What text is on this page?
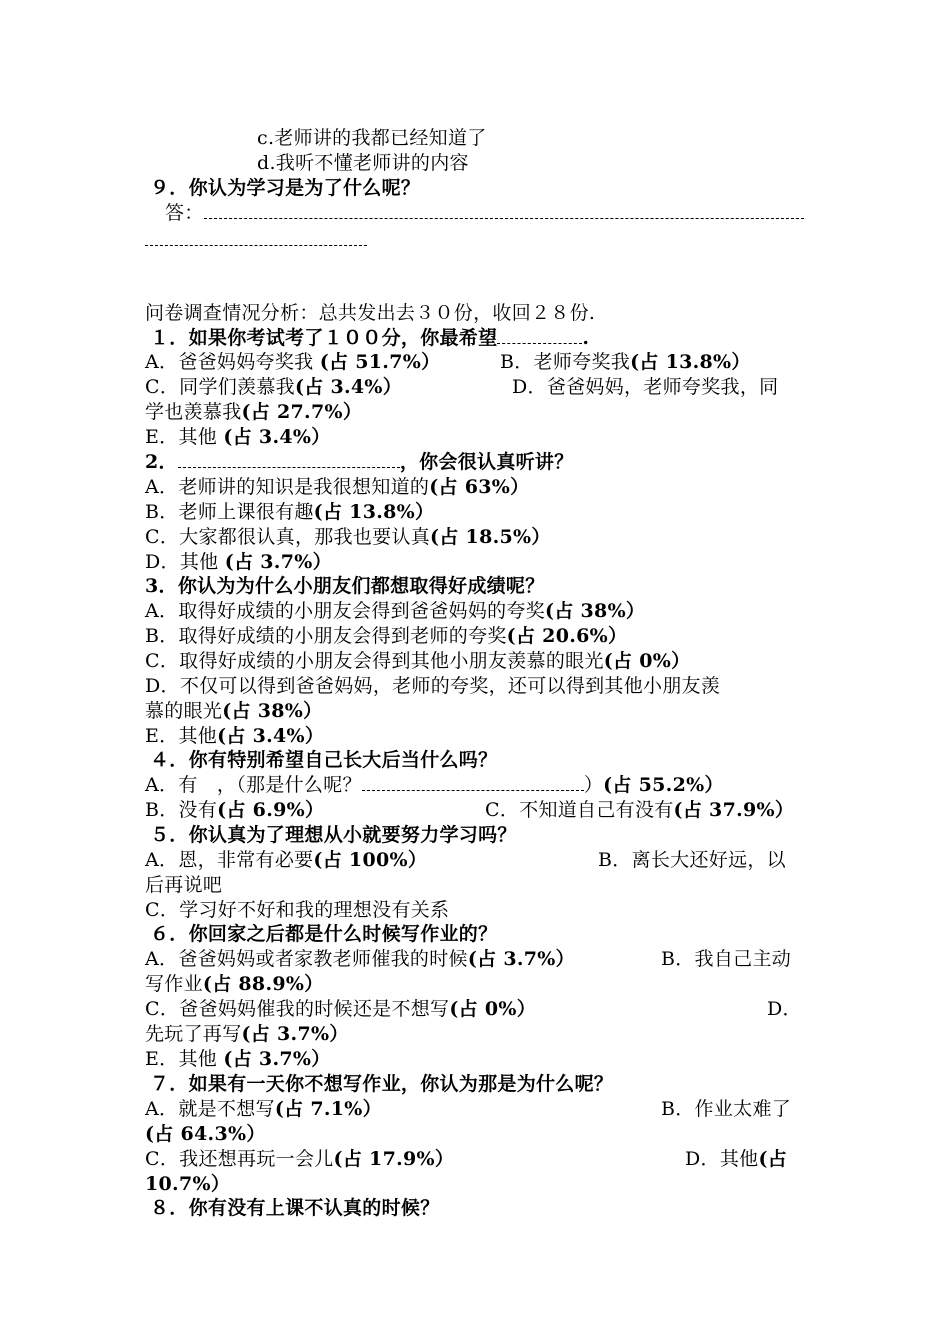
c.老师讲的我都已经知道了
d.我听不懂老师讲的内容
９．你认为学习是为了什么呢？
答：
问卷调查情况分析：总共发出去３０份，收回２８份.
１．如果你考试考了１００分，你最希望	.
A．爸爸妈妈夸奖我 (占 51.7%）	B．老师夸奖我(占 13.8%）
C．同学们羡慕我(占 3.4%）	D．爸爸妈妈，老师夸奖我，同
学也羡慕我(占 27.7%）
E．其他 (占 3.4%）
2．	，你会很认真听讲？
A．老师讲的知识是我很想知道的(占 63%）
B．老师上课很有趣(占 13.8%）
C．大家都很认真，那我也要认真(占 18.5%）
D．其他 (占 3.7%）
3．你认为为什么小朋友们都想取得好成绩呢？
A．取得好成绩的小朋友会得到爸爸妈妈的夸奖(占 38%）
B．取得好成绩的小朋友会得到老师的夸奖(占 20.6%）
C．取得好成绩的小朋友会得到其他小朋友羡慕的眼光(占 0%）
D．不仅可以得到爸爸妈妈，老师的夸奖，还可以得到其他小朋友羡
慕的眼光(占 38%）
E．其他(占 3.4%）
４．你有特别希望自己长大后当什么吗？
A．有　，（那是什么呢？	）(占 55.2%）
B．没有(占 6.9%）	C．不知道自己有没有(占 37.9%）
５．你认真为了理想从小就要努力学习吗？
A．恩，非常有必要(占 100%）	B．离长大还好远，以
后再说吧
C．学习好不好和我的理想没有关系
６．你回家之后都是什么时候写作业的？
A．爸爸妈妈或者家教老师催我的时候(占 3.7%）	B．我自己主动
写作业(占 88.9%）
C．爸爸妈妈催我的时候还是不想写(占 0%）	D．
先玩了再写(占 3.7%）
E．其他 (占 3.7%）
７．如果有一天你不想写作业，你认为那是为什么呢？
A．就是不想写(占 7.1%）	B．作业太难了
(占 64.3%）
C．我还想再玩一会儿(占 17.9%）	D．其他(占
10.7%）
８．你有没有上课不认真的时候？
